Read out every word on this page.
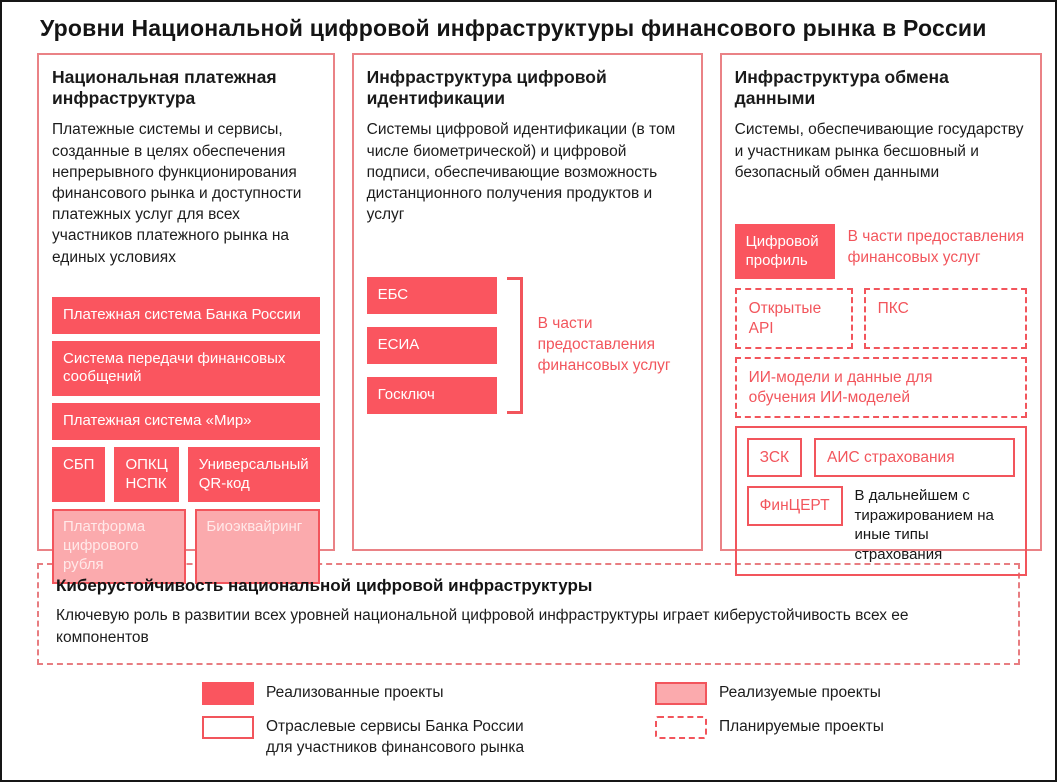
Уровни Национальной цифровой инфраструктуры финансового рынка в России
Национальная платежная инфраструктура
Платежные системы и сервисы, созданные в целях обеспечения непрерывного функционирования финансового рынка и доступности платежных услуг для всех участников платежного рынка на единых условиях
Платежная система Банка России
Система передачи финансовых сообщений
Платежная система «Мир»
СБП	ОПКЦ НСПК
Универсальный QR-код
Платформа цифрового рубля
Биоэквайринг
Инфраструктура цифровой идентификации
Системы цифровой идентификации (в том числе биометрической) и цифровой подписи, обеспечивающие возможность дистанционного получения продуктов и услуг
ЕБС
ЕСИА
Госключ
В части предоставления финансовых услуг
Инфраструктура обмена данными
Системы, обеспечивающие государству и участникам рынка бесшовный и безопасный обмен данными
Цифровой профиль
В части предоставления финансовых услуг
Открытые API
ПКС
ИИ-модели и данные для обучения ИИ-моделей
ЗСК	АИС страхования
ФинЦЕРТ
В дальнейшем с тиражированием на иные типы страхования
Киберустойчивость национальной цифровой инфраструктуры
Ключевую роль в развитии всех уровней национальной цифровой инфраструктуры играет киберустойчивость всех ее компонентов
Реализованные проекты
Отраслевые сервисы Банка России для участников финансового рынка
Реализуемые проекты
Планируемые проекты
